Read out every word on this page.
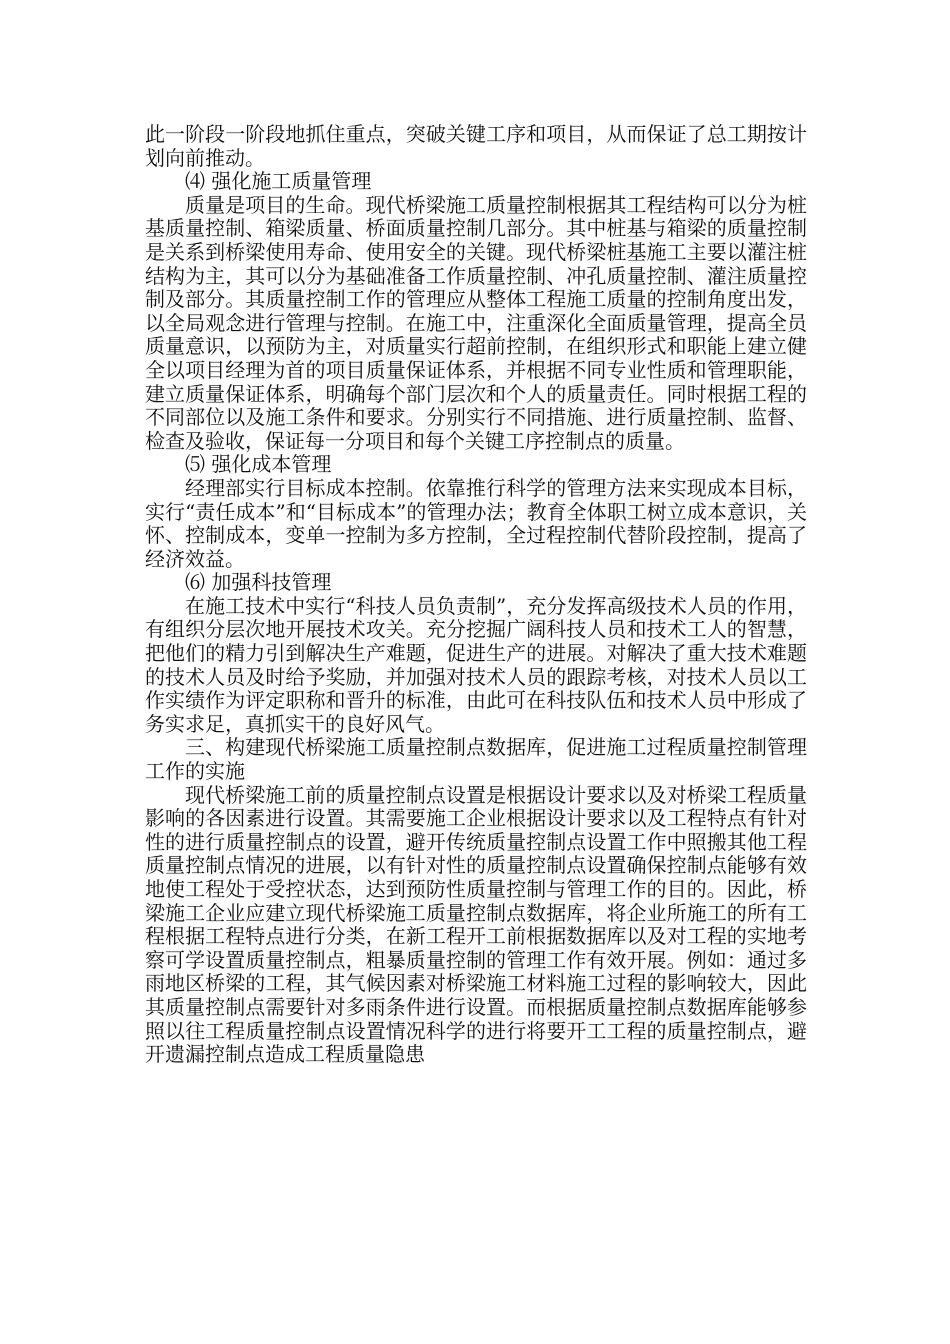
此一阶段一阶段地抓住重点，突破关键工序和项目，从而保证了总工期按计划向前推动。

⑷ 强化施工质量管理

质量是项目的生命。现代桥梁施工质量控制根据其工程结构可以分为桩基质量控制、箱梁质量、桥面质量控制几部分。其中桩基与箱梁的质量控制是关系到桥梁使用寿命、使用安全的关键。现代桥梁桩基施工主要以灌注桩结构为主，其可以分为基础准备工作质量控制、冲孔质量控制、灌注质量控制及部分。其质量控制工作的管理应从整体工程施工质量的控制角度出发，以全局观念进行管理与控制。在施工中，注重深化全面质量管理，提高全员质量意识，以预防为主，对质量实行超前控制，在组织形式和职能上建立健全以项目经理为首的项目质量保证体系，并根据不同专业性质和管理职能，建立质量保证体系，明确每个部门层次和个人的质量责任。同时根据工程的不同部位以及施工条件和要求。分别实行不同措施、进行质量控制、监督、检查及验收，保证每一分项目和每个关键工序控制点的质量。

⑸ 强化成本管理

经理部实行目标成本控制。依靠推行科学的管理方法来实现成本目标，实行“责任成本”和“目标成本”的管理办法；教育全体职工树立成本意识，关怀、控制成本，变单一控制为多方控制，全过程控制代替阶段控制，提高了经济效益。

⑹ 加强科技管理

在施工技术中实行“科技人员负责制”，充分发挥高级技术人员的作用，有组织分层次地开展技术攻关。充分挖掘广阔科技人员和技术工人的智慧，把他们的精力引到解决生产难题，促进生产的进展。对解决了重大技术难题的技术人员及时给予奖励，并加强对技术人员的跟踪考核，对技术人员以工作实绩作为评定职称和晋升的标准，由此可在科技队伍和技术人员中形成了务实求足，真抓实干的良好风气。

三、构建现代桥梁施工质量控制点数据库，促进施工过程质量控制管理工作的实施

现代桥梁施工前的质量控制点设置是根据设计要求以及对桥梁工程质量影响的各因素进行设置。其需要施工企业根据设计要求以及工程特点有针对性的进行质量控制点的设置，避开传统质量控制点设置工作中照搬其他工程质量控制点情况的进展，以有针对性的质量控制点设置确保控制点能够有效地使工程处于受控状态，达到预防性质量控制与管理工作的目的。因此，桥梁施工企业应建立现代桥梁施工质量控制点数据库，将企业所施工的所有工程根据工程特点进行分类，在新工程开工前根据数据库以及对工程的实地考察可学设置质量控制点，粗暴质量控制的管理工作有效开展。例如：通过多雨地区桥梁的工程，其气候因素对桥梁施工材料施工过程的影响较大，因此其质量控制点需要针对多雨条件进行设置。而根据质量控制点数据库能够参照以往工程质量控制点设置情况科学的进行将要开工工程的质量控制点，避开遗漏控制点造成工程质量隐患
